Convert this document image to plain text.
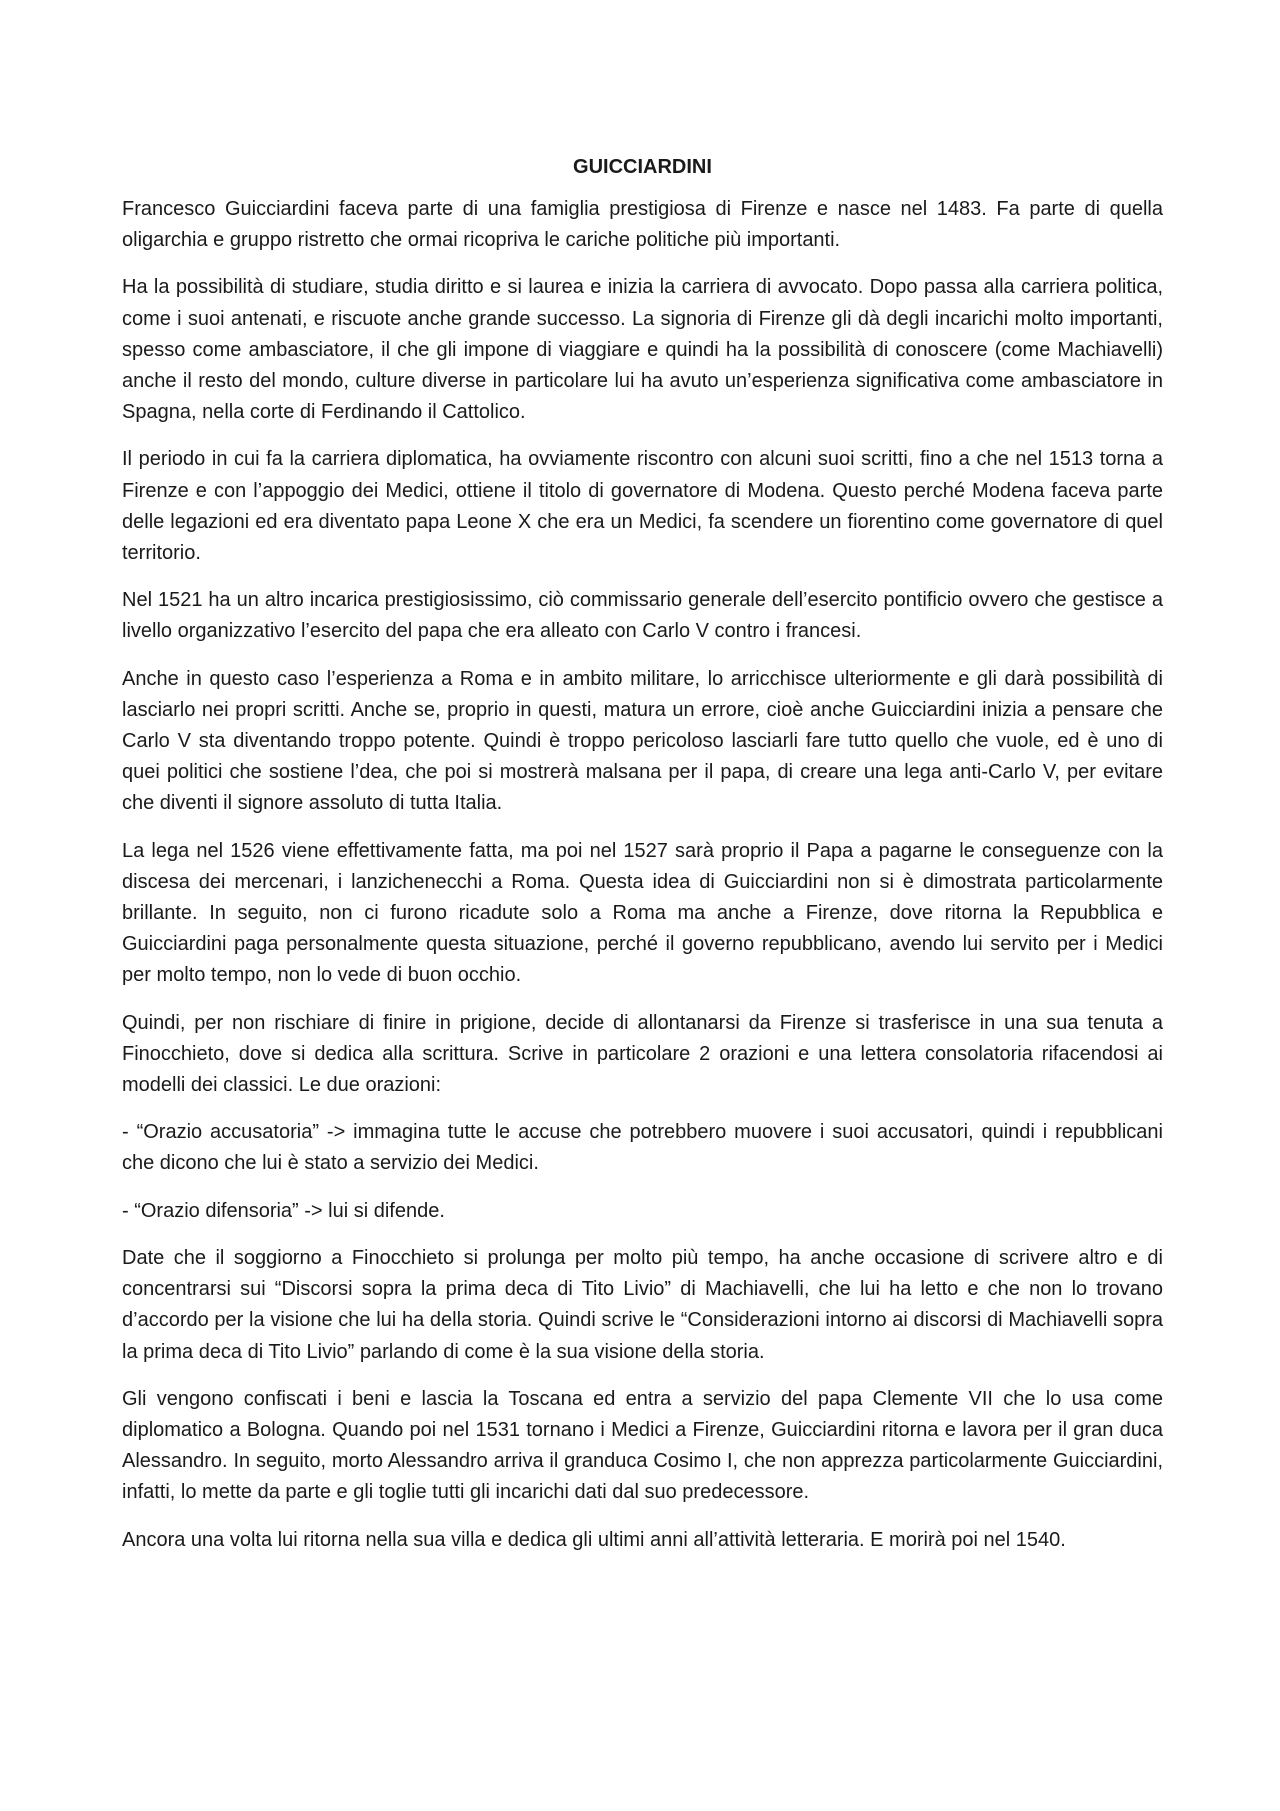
GUICCIARDINI

Francesco Guicciardini faceva parte di una famiglia prestigiosa di Firenze e nasce nel 1483. Fa parte di quella oligarchia e gruppo ristretto che ormai ricopriva le cariche politiche più importanti.

Ha la possibilità di studiare, studia diritto e si laurea e inizia la carriera di avvocato. Dopo passa alla carriera politica, come i suoi antenati, e riscuote anche grande successo. La signoria di Firenze gli dà degli incarichi molto importanti, spesso come ambasciatore, il che gli impone di viaggiare e quindi ha la possibilità di conoscere (come Machiavelli) anche il resto del mondo, culture diverse in particolare lui ha avuto un’esperienza significativa come ambasciatore in Spagna, nella corte di Ferdinando il Cattolico.

Il periodo in cui fa la carriera diplomatica, ha ovviamente riscontro con alcuni suoi scritti, fino a che nel 1513 torna a Firenze e con l’appoggio dei Medici, ottiene il titolo di governatore di Modena. Questo perché Modena faceva parte delle legazioni ed era diventato papa Leone X che era un Medici, fa scendere un fiorentino come governatore di quel territorio.

Nel 1521 ha un altro incarica prestigiosissimo, ciò commissario generale dell’esercito pontificio ovvero che gestisce a livello organizzativo l’esercito del papa che era alleato con Carlo V contro i francesi.

Anche in questo caso l’esperienza a Roma e in ambito militare, lo arricchisce ulteriormente e gli darà possibilità di lasciarlo nei propri scritti. Anche se, proprio in questi, matura un errore, cioè anche Guicciardini inizia a pensare che Carlo V sta diventando troppo potente. Quindi è troppo pericoloso lasciarli fare tutto quello che vuole, ed è uno di quei politici che sostiene l’dea, che poi si mostrerà malsana per il papa, di creare una lega anti-Carlo V, per evitare che diventi il signore assoluto di tutta Italia.

La lega nel 1526 viene effettivamente fatta, ma poi nel 1527 sarà proprio il Papa a pagarne le conseguenze con la discesa dei mercenari, i lanzichenecchi a Roma. Questa idea di Guicciardini non si è dimostrata particolarmente brillante. In seguito, non ci furono ricadute solo a Roma ma anche a Firenze, dove ritorna la Repubblica e Guicciardini paga personalmente questa situazione, perché il governo repubblicano, avendo lui servito per i Medici per molto tempo, non lo vede di buon occhio.

Quindi, per non rischiare di finire in prigione, decide di allontanarsi da Firenze si trasferisce in una sua tenuta a Finocchieto, dove si dedica alla scrittura. Scrive in particolare 2 orazioni e una lettera consolatoria rifacendosi ai modelli dei classici. Le due orazioni:

- “Orazio accusatoria” -> immagina tutte le accuse che potrebbero muovere i suoi accusatori, quindi i repubblicani che dicono che lui è stato a servizio dei Medici.

- “Orazio difensoria” -> lui si difende.

Date che il soggiorno a Finocchieto si prolunga per molto più tempo, ha anche occasione di scrivere altro e di concentrarsi sui “Discorsi sopra la prima deca di Tito Livio” di Machiavelli, che lui ha letto e che non lo trovano d’accordo per la visione che lui ha della storia. Quindi scrive le “Considerazioni intorno ai discorsi di Machiavelli sopra la prima deca di Tito Livio” parlando di come è la sua visione della storia.

Gli vengono confiscati i beni e lascia la Toscana ed entra a servizio del papa Clemente VII che lo usa come diplomatico a Bologna. Quando poi nel 1531 tornano i Medici a Firenze, Guicciardini ritorna e lavora per il gran duca Alessandro. In seguito, morto Alessandro arriva il granduca Cosimo I, che non apprezza particolarmente Guicciardini, infatti, lo mette da parte e gli toglie tutti gli incarichi dati dal suo predecessore.

Ancora una volta lui ritorna nella sua villa e dedica gli ultimi anni all’attività letteraria. E morirà poi nel 1540.
